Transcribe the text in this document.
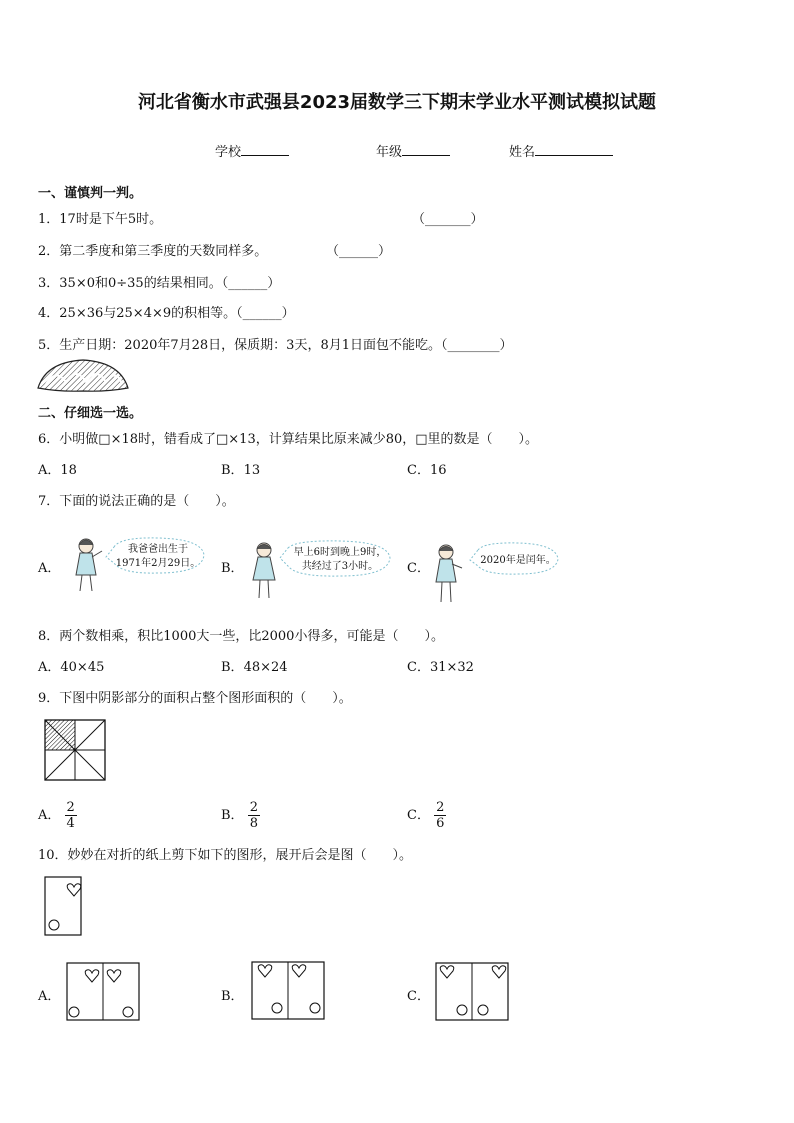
河北省衡水市武强县2023届数学三下期末学业水平测试模拟试题
学校	年级	姓名
一、谨慎判一判。
1．17时是下午5时。	（_______）
2．第二季度和第三季度的天数同样多。	（______）
3．35×0和0÷35的结果相同。（______）
4．25×36与25×4×9的积相等。（______）
5．生产日期：2020年7月28日，保质期：3天，8月1日面包不能吃。（________）
二、仔细选一选。
6．小明做□×18时，错看成了□×13，计算结果比原来减少80，□里的数是（　　）。
A．18	B．13	C．16
7．下面的说法正确的是（　　）。
A．
我爸爸出生于
1971年2月29日。 B．
早上6时到晚上9时，
共经过了3小时。 C．
2020年是闰年。
8．两个数相乘，积比1000大一些，比2000小得多，可能是（　　）。
A．40×45	B．48×24	C．31×32
9．下图中阴影部分的面积占整个图形面积的（　　）。
A． $\frac{2}{4}$	B． $\frac{2}{8}$	C． $\frac{2}{6}$
10．妙妙在对折的纸上剪下如下的图形，展开后会是图（　　）。
A．	B．	C．
